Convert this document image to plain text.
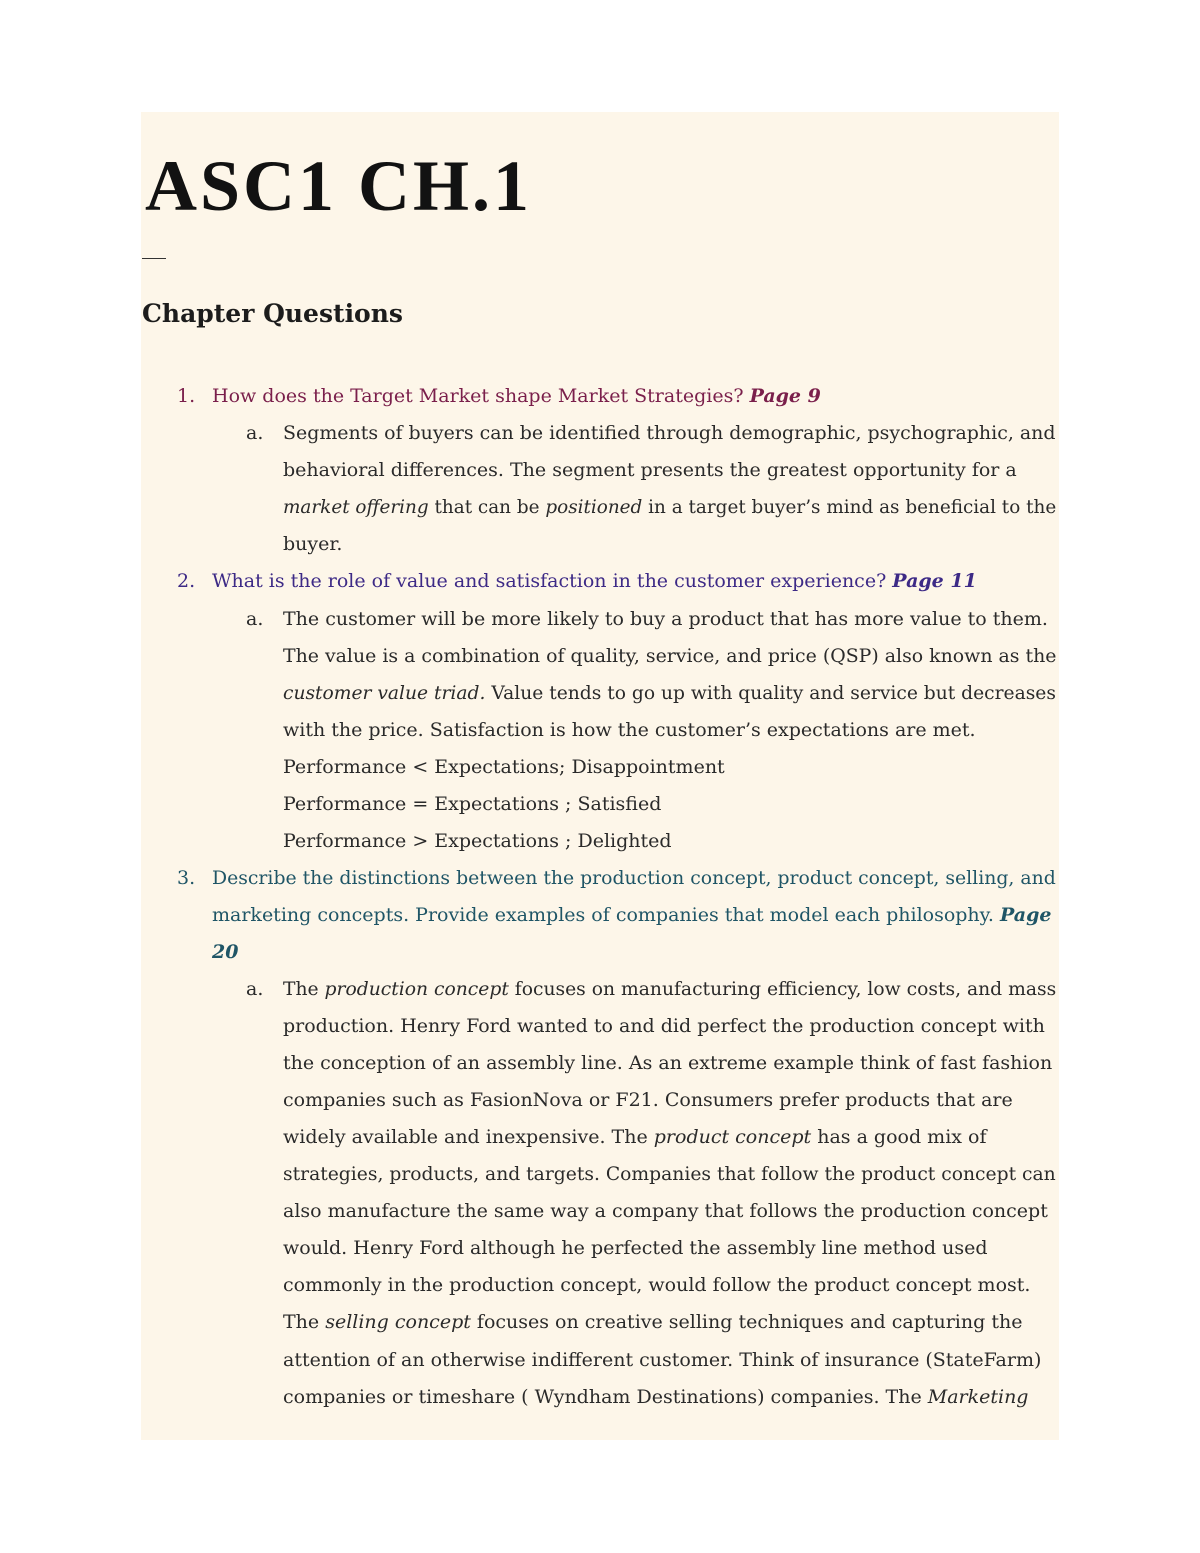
ASC1 CH.1
Chapter Questions
1. How does the Target Market shape Market Strategies? Page 9
a. Segments of buyers can be identified through demographic, psychographic, and
behavioral differences. The segment presents the greatest opportunity for a
market offering that can be positioned in a target buyer’s mind as beneficial to the
buyer.
2. What is the role of value and satisfaction in the customer experience? Page 11
a. The customer will be more likely to buy a product that has more value to them.
The value is a combination of quality, service, and price (QSP) also known as the
customer value triad. Value tends to go up with quality and service but decreases
with the price. Satisfaction is how the customer’s expectations are met.
Performance < Expectations; Disappointment
Performance = Expectations ; Satisfied
Performance > Expectations ; Delighted
3. Describe the distinctions between the production concept, product concept, selling, and
marketing concepts. Provide examples of companies that model each philosophy. Page
20
a. The production concept focuses on manufacturing efficiency, low costs, and mass
production. Henry Ford wanted to and did perfect the production concept with
the conception of an assembly line. As an extreme example think of fast fashion
companies such as FasionNova or F21. Consumers prefer products that are
widely available and inexpensive. The product concept has a good mix of
strategies, products, and targets. Companies that follow the product concept can
also manufacture the same way a company that follows the production concept
would. Henry Ford although he perfected the assembly line method used
commonly in the production concept, would follow the product concept most.
The selling concept focuses on creative selling techniques and capturing the
attention of an otherwise indifferent customer. Think of insurance (StateFarm)
companies or timeshare ( Wyndham Destinations) companies. The Marketing
